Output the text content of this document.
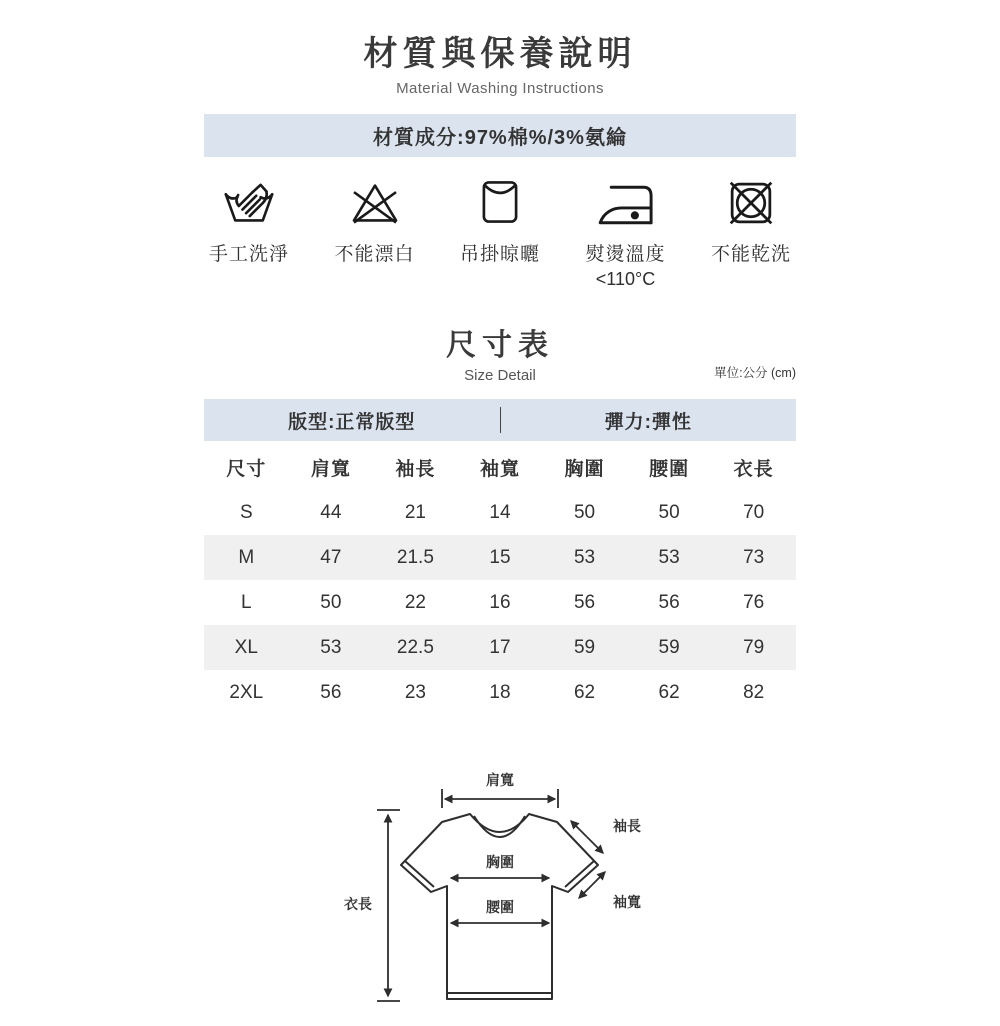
材質與保養說明
Material Washing Instructions
材質成分:97%棉%/3%氨綸
手工洗淨 不能漂白 吊掛晾曬 熨燙溫度
<110°C
不能乾洗
尺寸表
Size Detail	單位:公分 (cm)
版型:正常版型	彈力:彈性
尺寸	肩寬	袖長	袖寬	胸圍	腰圍	衣長
S	44	21	14	50	50	70
M	47	21.5	15	53	53	73
L	50	22	16	56	56	76
XL	53	22.5	17	59	59	79
2XL	56	23	18	62	62	82
肩寬
衣長
胸圍
腰圍
袖長
袖寬
